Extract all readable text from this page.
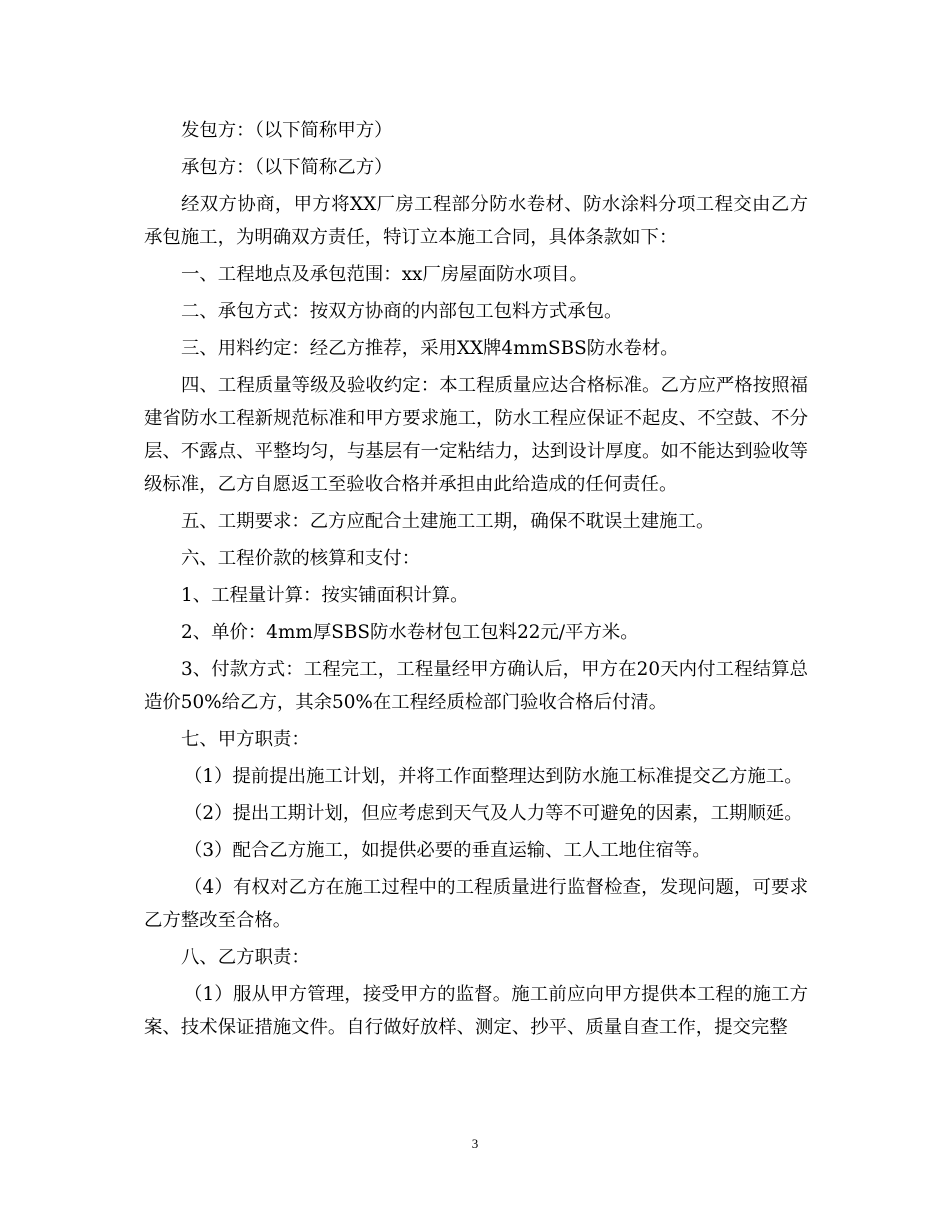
发包方：（以下简称甲方）

承包方：（以下简称乙方）

经双方协商，甲方将XX厂房工程部分防水卷材、防水涂料分项工程交由乙方承包施工，为明确双方责任，特订立本施工合同，具体条款如下：

一、工程地点及承包范围：xx厂房屋面防水项目。

二、承包方式：按双方协商的内部包工包料方式承包。

三、用料约定：经乙方推荐，采用XX牌4mmSBS防水卷材。

四、工程质量等级及验收约定：本工程质量应达合格标准。乙方应严格按照福建省防水工程新规范标准和甲方要求施工，防水工程应保证不起皮、不空鼓、不分层、不露点、平整均匀，与基层有一定粘结力，达到设计厚度。如不能达到验收等级标准，乙方自愿返工至验收合格并承担由此给造成的任何责任。

五、工期要求：乙方应配合土建施工工期，确保不耽误土建施工。

六、工程价款的核算和支付：

1、工程量计算：按实铺面积计算。

2、单价：4mm厚SBS防水卷材包工包料22元/平方米。

3、付款方式：工程完工，工程量经甲方确认后，甲方在20天内付工程结算总造价50%给乙方，其余50%在工程经质检部门验收合格后付清。

七、甲方职责：

（1）提前提出施工计划，并将工作面整理达到防水施工标准提交乙方施工。

（2）提出工期计划，但应考虑到天气及人力等不可避免的因素，工期顺延。

（3）配合乙方施工，如提供必要的垂直运输、工人工地住宿等。

（4）有权对乙方在施工过程中的工程质量进行监督检查，发现问题，可要求乙方整改至合格。

八、乙方职责：

（1）服从甲方管理，接受甲方的监督。施工前应向甲方提供本工程的施工方案、技术保证措施文件。自行做好放样、测定、抄平、质量自查工作，提交完整

3
